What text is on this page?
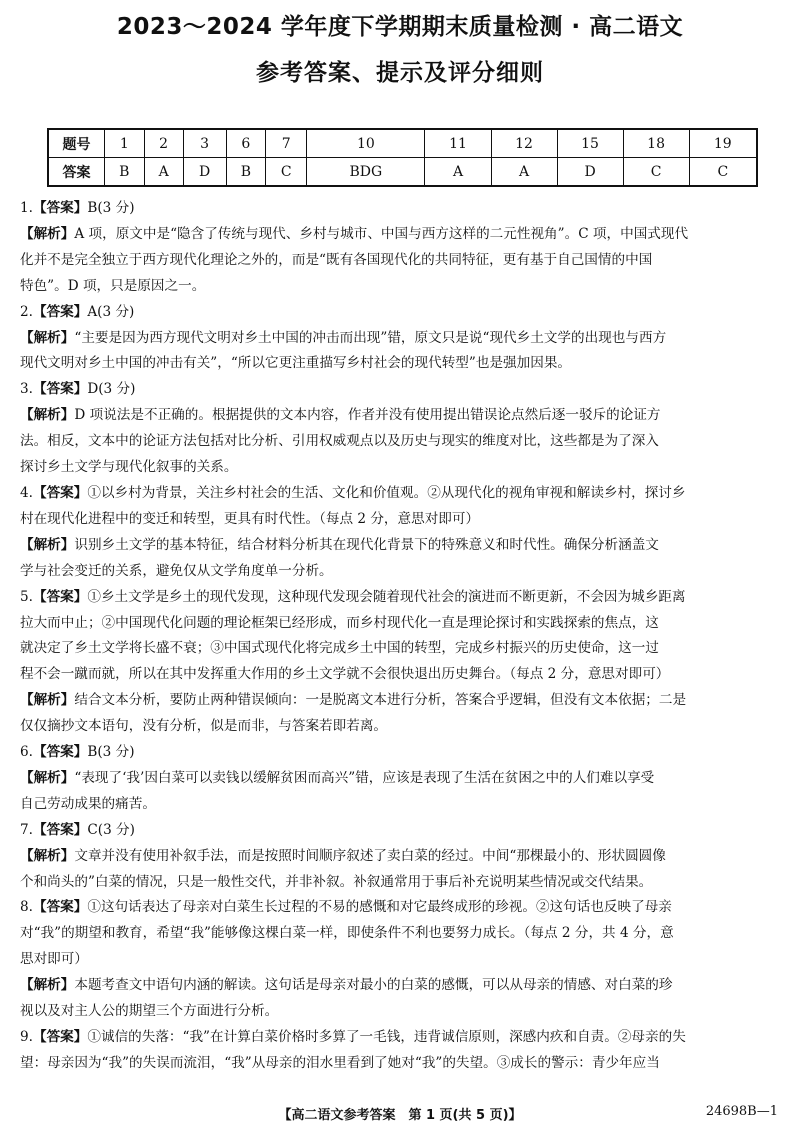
2023～2024 学年度下学期期末质量检测 · 高二语文
参考答案、提示及评分细则
题号	1	2	3	6	7	10	11	12	15	18	19
答案	B	A	D	B	C	BDG	A	A	D	C	C
1.【答案】B(3 分)
【解析】A 项，原文中是“隐含了传统与现代、乡村与城市、中国与西方这样的二元性视角”。C 项，中国式现代
化并不是完全独立于西方现代化理论之外的，而是“既有各国现代化的共同特征，更有基于自己国情的中国
特色”。D 项，只是原因之一。
2.【答案】A(3 分)
【解析】“主要是因为西方现代文明对乡土中国的冲击而出现”错，原文只是说“现代乡土文学的出现也与西方
现代文明对乡土中国的冲击有关”，“所以它更注重描写乡村社会的现代转型”也是强加因果。
3.【答案】D(3 分)
【解析】D 项说法是不正确的。根据提供的文本内容，作者并没有使用提出错误论点然后逐一驳斥的论证方
法。相反，文本中的论证方法包括对比分析、引用权威观点以及历史与现实的维度对比，这些都是为了深入
探讨乡土文学与现代化叙事的关系。
4.【答案】①以乡村为背景，关注乡村社会的生活、文化和价值观。②从现代化的视角审视和解读乡村，探讨乡
村在现代化进程中的变迁和转型，更具有时代性。（每点 2 分，意思对即可）
【解析】识别乡土文学的基本特征，结合材料分析其在现代化背景下的特殊意义和时代性。确保分析涵盖文
学与社会变迁的关系，避免仅从文学角度单一分析。
5.【答案】①乡土文学是乡土的现代发现，这种现代发现会随着现代社会的演进而不断更新，不会因为城乡距离
拉大而中止；②中国现代化问题的理论框架已经形成，而乡村现代化一直是理论探讨和实践探索的焦点，这
就决定了乡土文学将长盛不衰；③中国式现代化将完成乡土中国的转型，完成乡村振兴的历史使命，这一过
程不会一蹴而就，所以在其中发挥重大作用的乡土文学就不会很快退出历史舞台。（每点 2 分，意思对即可）
【解析】结合文本分析，要防止两种错误倾向：一是脱离文本进行分析，答案合乎逻辑，但没有文本依据；二是
仅仅摘抄文本语句，没有分析，似是而非，与答案若即若离。
6.【答案】B(3 分)
【解析】“表现了‘我’因白菜可以卖钱以缓解贫困而高兴”错，应该是表现了生活在贫困之中的人们难以享受
自己劳动成果的痛苦。
7.【答案】C(3 分)
【解析】文章并没有使用补叙手法，而是按照时间顺序叙述了卖白菜的经过。中间“那棵最小的、形状圆圆像
个和尚头的”白菜的情况，只是一般性交代，并非补叙。补叙通常用于事后补充说明某些情况或交代结果。
8.【答案】①这句话表达了母亲对白菜生长过程的不易的感慨和对它最终成形的珍视。②这句话也反映了母亲
对“我”的期望和教育，希望“我”能够像这棵白菜一样，即使条件不利也要努力成长。（每点 2 分，共 4 分，意
思对即可）
【解析】本题考查文中语句内涵的解读。这句话是母亲对最小的白菜的感慨，可以从母亲的情感、对白菜的珍
视以及对主人公的期望三个方面进行分析。
9.【答案】①诚信的失落：“我”在计算白菜价格时多算了一毛钱，违背诚信原则，深感内疚和自责。②母亲的失
望：母亲因为“我”的失误而流泪，“我”从母亲的泪水里看到了她对“我”的失望。③成长的警示：青少年应当
【高二语文参考答案　第 1 页(共 5 页)】	24698B—1
